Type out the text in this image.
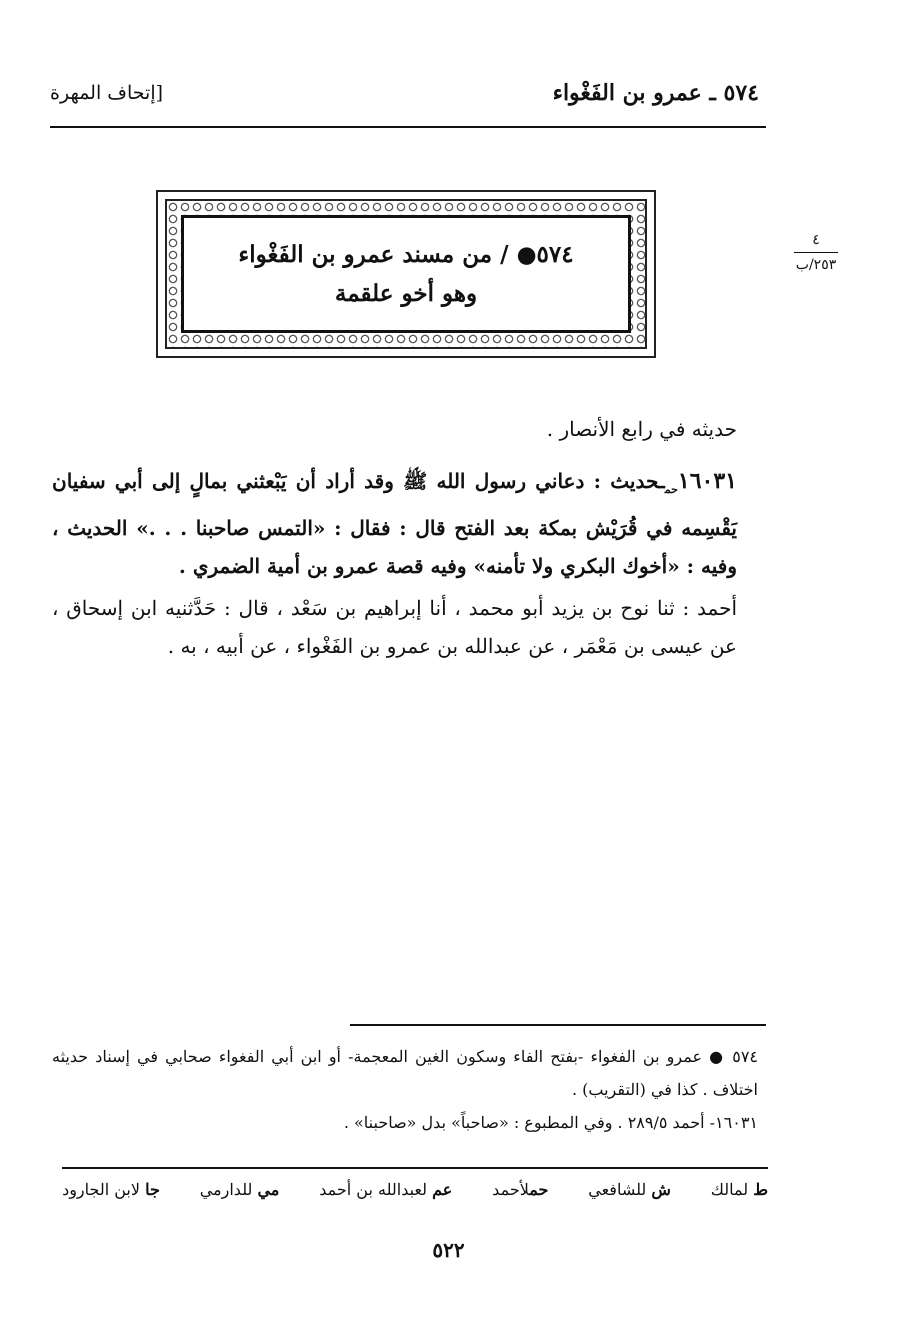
٥٧٤ ـ عمرو بن الفَغْواء
[إتحاف المهرة
٥٧٤● / من مسند عمرو بن الفَغْواء
وهو أخو علقمة
٤
٢٥٣/ب

حديثه في رابع الأنصار .

$١٦٠٣١_{حم}ـحديث$ : دعاني رسول الله ﷺ وقد أراد أن يَبْعثني بمالٍ إلى أبي سفيان يَقْسِمه في قُرَيْش بمكة بعد الفتح قال : فقال : «التمس صاحبنا . . .» الحديث ، وفيه : «أخوك البكري ولا تأمنه» وفيه قصة عمرو بن أمية الضمري .

أحمد : ثنا نوح بن يزيد أبو محمد ، أنا إبراهيم بن سَعْد ، قال : حَدَّثنيه ابن إسحاق ، عن عيسى بن مَعْمَر ، عن عبدالله بن عمرو بن الفَغْواء ، عن أبيه ، به .

٥٧٤ ● عمرو بن الفغواء -بفتح الفاء وسكون الغين المعجمة- أو ابن أبي الفغواء صحابي في إسناد حديثه اختلاف . كذا في (التقريب) .

١٦٠٣١- أحمد ٢٨٩/٥ . وفي المطبوع : «صاحباً» بدل «صاحبنا» .

ط لمالك
ش للشافعي
حملأحمد
عم لعبدالله بن أحمد
مي للدارمي
جا لابن الجارود
٥٢٢
